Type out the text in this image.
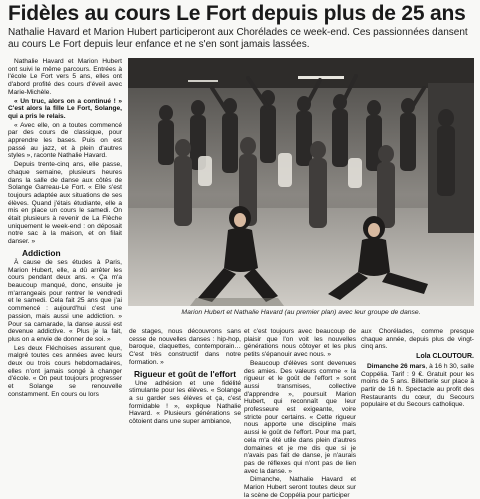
Fidèles au cours Le Fort depuis plus de 25 ans
Nathalie Havard et Marion Hubert participeront aux Chorélades ce week-end. Ces passionnées dansent au cours Le Fort depuis leur enfance et ne s'en sont jamais lassées.

Nathalie Havard et Marion Hubert ont suivi le même parcours. Entrées à l'école Le Fort vers 5 ans, elles ont d'abord profité des cours d'éveil avec Marie-Michèle.

« Un truc, alors on a continué ! » C'est alors la fille Le Fort, Solange, qui a pris le relais.

« Avec elle, on a toutes commencé par des cours de classique, pour apprendre les bases. Puis on est passé au jazz, et à plein d'autres styles », raconte Nathalie Havard.

Depuis trente-cinq ans, elle passe, chaque semaine, plusieurs heures dans la salle de danse aux côtés de Solange Garreau-Le Fort. « Elle s'est toujours adaptée aux situations de ses élèves. Quand j'étais étudiante, elle a mis en place un cours le samedi. On était plusieurs à revenir de La Flèche uniquement le week-end : on déposait notre sac à la maison, et on filait danser. »

Addiction

À cause de ses études à Paris, Marion Hubert, elle, a dû arrêter les cours pendant deux ans. « Ça m'a beaucoup manqué, donc, ensuite je m'arrangeais pour rentrer le vendredi et le samedi. Cela fait 25 ans que j'ai commencé : aujourd'hui c'est une passion, mais aussi une addiction. » Pour sa camarade, la danse aussi est devenue addictive. « Plus je la fait, plus on a envie de donner de soi. »

Les deux Fléchoises assurent que, malgré toutes ces années avec leurs deux ou trois cours hebdomadaires, elles n'ont jamais songé à changer d'école. « On peut toujours progresser et Solange se renouvelle constamment. En cours ou lors

Marion Hubert et Nathalie Havard (au premier plan) avec leur groupe de danse.

de stages, nous découvrons sans cesse de nouvelles danses : hip-hop, baroque, claquettes, contemporain… C'est très constructif dans notre formation. »

Rigueur et goût de l'effort

Une adhésion et une fidélité stimulante pour les élèves. « Solange a su garder ses élèves et ça, c'est formidable ! », explique Nathalie Havard. « Plusieurs générations se côtoient dans une super ambiance,

et c'est toujours avec beaucoup de plaisir que l'on voit les nouvelles générations nous côtoyer et les plus petits s'épanouir avec nous. »

Beaucoup d'élèves sont devenues des amies. Des valeurs comme « la rigueur et le goût de l'effort » sont aussi transmises, collective d'apprendre », poursuit Marion Hubert, qui reconnaît que leur professeure est exigeante, voire stricte pour certains. « Cette rigueur nous apporte une discipline mais aussi le goût de l'effort. Pour ma part, cela m'a été utile dans plein d'autres domaines et je me dis que si je n'avais pas fait de danse, je n'aurais pas de réflexes qui n'ont pas de lien avec la danse. »

Dimanche, Nathalie Havard et Marion Hubert seront toutes deux sur la scène de Coppélia pour participer

aux Chorélades, comme presque chaque année, depuis plus de vingt-cinq ans.

Lola CLOUTOUR.

Dimanche 26 mars, à 16 h 30, salle Coppélia. Tarif : 9 €. Gratuit pour les moins de 5 ans. Billetterie sur place à partir de 16 h. Spectacle au profit des Restaurants du cœur, du Secours populaire et du Secours catholique.
